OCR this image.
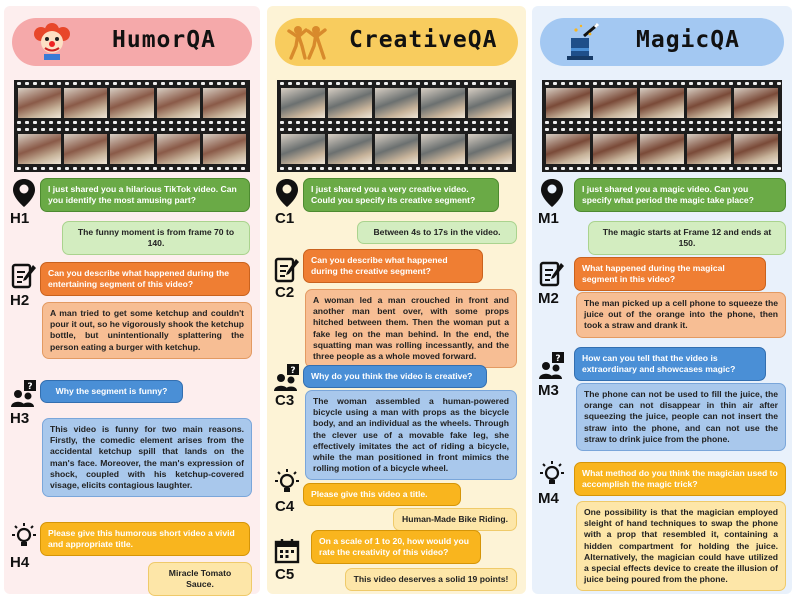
HumorQA
H1
I just shared you a hilarious TikTok video. Can you identify the most amusing part?
The funny moment is from frame 70 to 140.
H2
Can you describe what happened during the entertaining segment of this video?
A man tried to get some ketchup and couldn't pour it out, so he vigorously shook the ketchup bottle, but unintentionally splattering the person eating a burger with ketchup.
?
H3
Why the segment is funny?
This video is funny for two main reasons. Firstly, the comedic element arises from the accidental ketchup spill that lands on the man's face. Moreover, the man's expression of shock, coupled with his ketchup-covered visage, elicits contagious laughter.
H4
Please give this humorous short video a vivid and appropriate title.
Miracle Tomato Sauce.
CreativeQA
C1
I just shared you a very creative video. Could you specify its creative segment?
Between 4s to 17s in the video.
C2
Can you describe what happened during the creative segment?
A woman led a man crouched in front and another man bent over, with some props hitched between them. Then the woman put a fake leg on the man behind. In the end, the squatting man was rolling incessantly, and the three people as a whole moved forward.
?
C3
Why do you think the video is creative?
The woman assembled a human-powered bicycle using a man with props as the bicycle body, and an individual as the wheels. Through the clever use of a movable fake leg, she effectively imitates the act of riding a bicycle, while the man positioned in front mimics the rolling motion of a bicycle wheel.
C4
Please give this video a title.
Human-Made Bike Riding.
C5
On a scale of 1 to 20, how would you rate the creativity of this video?
This video deserves a solid 19 points!
MagicQA
M1
I just shared you a magic video. Can you specify what period the magic take place?
The magic starts at Frame 12 and ends at 150.
M2
What happened during the magical segment in this video?
The man picked up a cell phone to squeeze the juice out of the orange into the phone, then took a straw and drank it.
?
M3
How can you tell that the video is extraordinary and showcases magic?
The phone can not be used to fill the juice, the orange can not disappear in thin air after squeezing the juice, people can not insert the straw into the phone, and can not use the straw to drink juice from the phone.
M4
What method do you think the magician used to accomplish the magic trick?
One possibility is that the magician employed sleight of hand techniques to swap the phone with a prop that resembled it, containing a hidden compartment for holding the juice. Alternatively, the magician could have utilized a special effects device to create the illusion of juice being poured from the phone.
